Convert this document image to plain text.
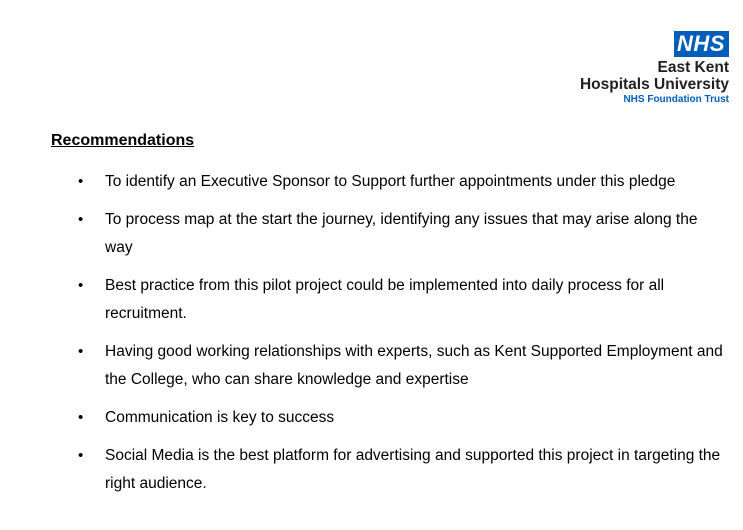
NHS
East Kent
Hospitals University
NHS Foundation Trust
Recommendations
• To identify an Executive Sponsor to Support further appointments under this pledge
• To process map at the start the journey, identifying any issues that may arise along the way
• Best practice from this pilot project could be implemented into daily process for all recruitment.
• Having good working relationships with experts, such as Kent Supported Employment and the College, who can share knowledge and expertise
• Communication is key to success
• Social Media is the best platform for advertising and supported this project in targeting the right audience.
